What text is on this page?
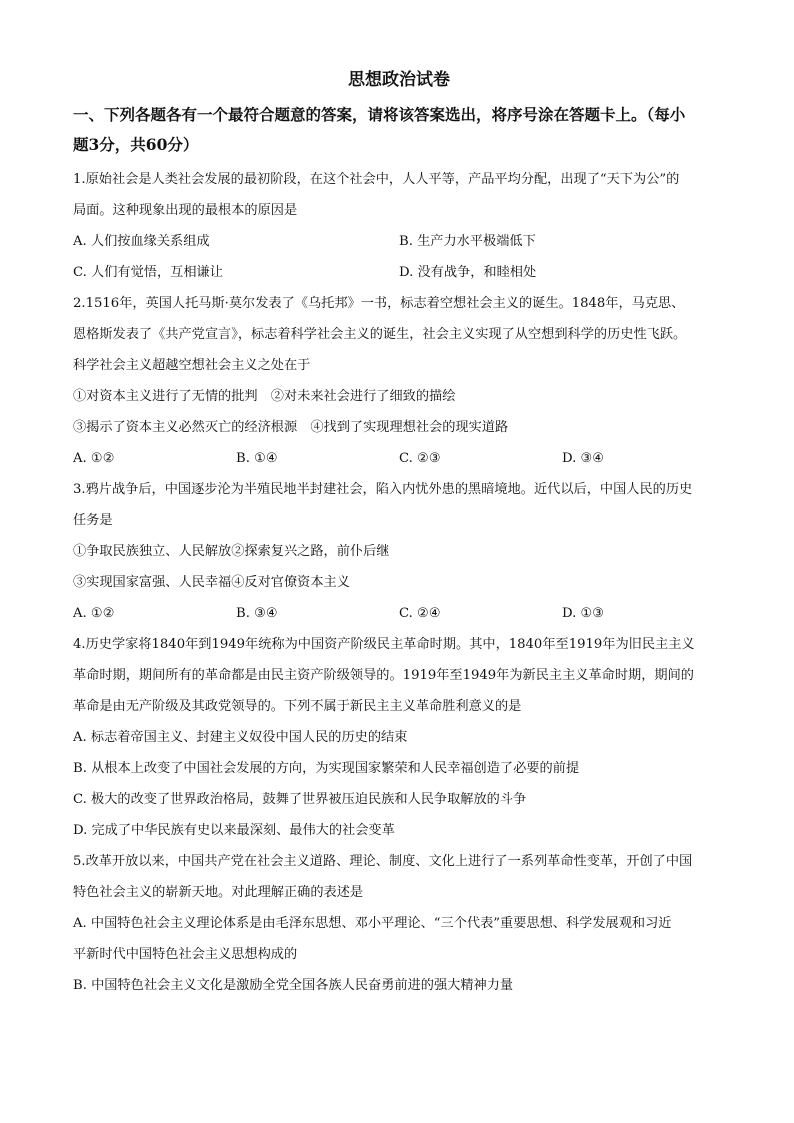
思想政治试卷
一、下列各题各有一个最符合题意的答案，请将该答案选出，将序号涂在答题卡上。（每小
题3分，共60分）
1.原始社会是人类社会发展的最初阶段，在这个社会中，人人平等，产品平均分配，出现了“天下为公”的
局面。这种现象出现的最根本的原因是
A. 人们按血缘关系组成	B. 生产力水平极端低下
C. 人们有觉悟，互相谦让	D. 没有战争，和睦相处
2.1516年，英国人托马斯·莫尔发表了《乌托邦》一书，标志着空想社会主义的诞生。1848年，马克思、
恩格斯发表了《共产党宣言》，标志着科学社会主义的诞生，社会主义实现了从空想到科学的历史性飞跃。
科学社会主义超越空想社会主义之处在于
①对资本主义进行了无情的批判　②对未来社会进行了细致的描绘
③揭示了资本主义必然灭亡的经济根源　④找到了实现理想社会的现实道路
A. ①②	B. ①④	C. ②③	D. ③④
3.鸦片战争后，中国逐步沦为半殖民地半封建社会，陷入内忧外患的黑暗境地。近代以后，中国人民的历史
任务是
①争取民族独立、人民解放②探索复兴之路，前仆后继
③实现国家富强、人民幸福④反对官僚资本主义
A. ①②	B. ③④	C. ②④	D. ①③
4.历史学家将1840年到1949年统称为中国资产阶级民主革命时期。其中，1840年至1919年为旧民主主义
革命时期，期间所有的革命都是由民主资产阶级领导的。1919年至1949年为新民主主义革命时期，期间的
革命是由无产阶级及其政党领导的。下列不属于新民主主义革命胜利意义的是
A. 标志着帝国主义、封建主义奴役中国人民的历史的结束
B. 从根本上改变了中国社会发展的方向，为实现国家繁荣和人民幸福创造了必要的前提
C. 极大的改变了世界政治格局，鼓舞了世界被压迫民族和人民争取解放的斗争
D. 完成了中华民族有史以来最深刻、最伟大的社会变革
5.改革开放以来，中国共产党在社会主义道路、理论、制度、文化上进行了一系列革命性变革，开创了中国
特色社会主义的崭新天地。对此理解正确的表述是
A. 中国特色社会主义理论体系是由毛泽东思想、邓小平理论、“三个代表”重要思想、科学发展观和习近
平新时代中国特色社会主义思想构成的
B. 中国特色社会主义文化是激励全党全国各族人民奋勇前进的强大精神力量
